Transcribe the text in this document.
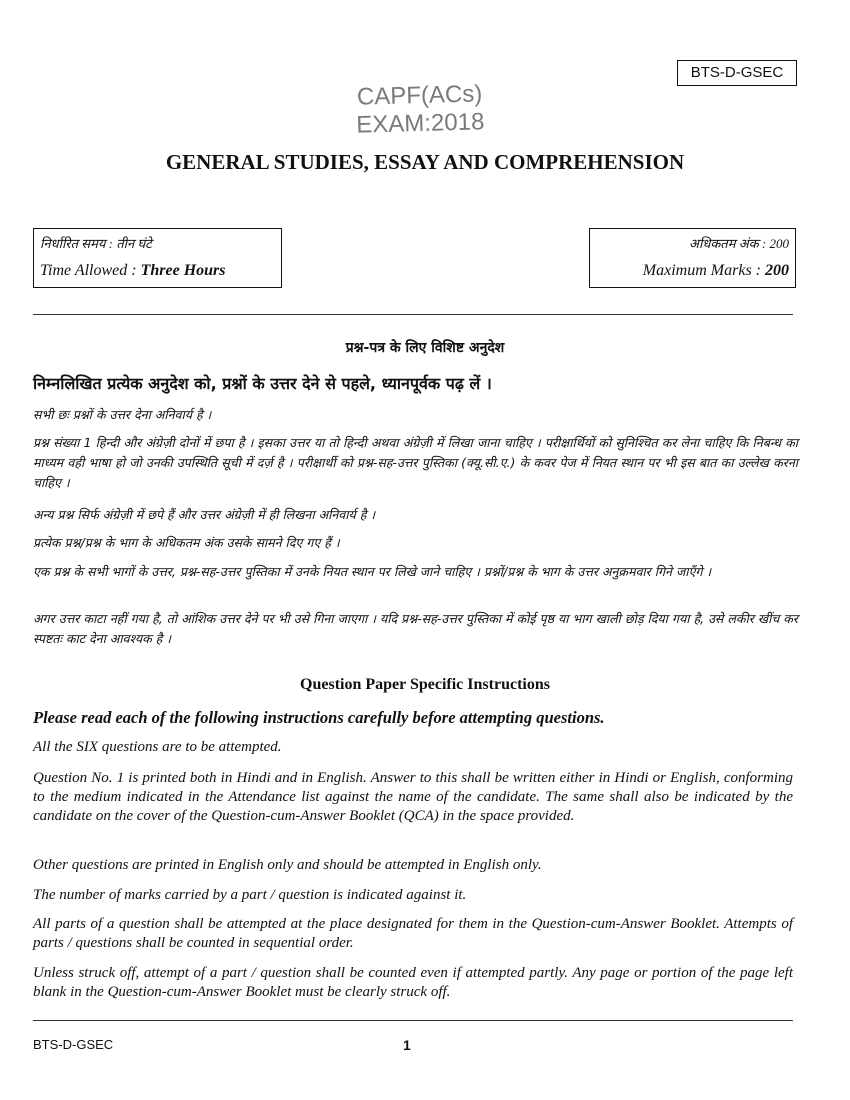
BTS-D-GSEC
CAPF(ACs) EXAM:2018
GENERAL STUDIES, ESSAY AND COMPREHENSION
निर्धारित समय : तीन घंटे
Time Allowed : Three Hours
अधिकतम अंक : 200
Maximum Marks : 200
प्रश्न-पत्र के लिए विशिष्ट अनुदेश
निम्नलिखित प्रत्येक अनुदेश को, प्रश्नों के उत्तर देने से पहले, ध्यानपूर्वक पढ़ लें ।
सभी छः प्रश्नों के उत्तर देना अनिवार्य है ।
प्रश्न संख्या 1 हिन्दी और अंग्रेज़ी दोनों में छपा है । इसका उत्तर या तो हिन्दी अथवा अंग्रेज़ी में लिखा जाना चाहिए । परीक्षार्थियों को सुनिश्चित कर लेना चाहिए कि निबन्ध का माध्यम वही भाषा हो जो उनकी उपस्थिति सूची में दर्ज़ है । परीक्षार्थी को प्रश्न-सह-उत्तर पुस्तिका (क्यू.सी.ए.) के कवर पेज में नियत स्थान पर भी इस बात का उल्लेख करना चाहिए ।
अन्य प्रश्न सिर्फ अंग्रेज़ी में छपे हैं और उत्तर अंग्रेज़ी में ही लिखना अनिवार्य है ।
प्रत्येक प्रश्न/प्रश्न के भाग के अधिकतम अंक उसके सामने दिए गए हैं ।
एक प्रश्न के सभी भागों के उत्तर, प्रश्न-सह-उत्तर पुस्तिका में उनके नियत स्थान पर लिखे जाने चाहिए । प्रश्नों/प्रश्न के भाग के उत्तर अनुक्रमवार गिने जाएँगे ।
अगर उत्तर काटा नहीं गया है, तो आंशिक उत्तर देने पर भी उसे गिना जाएगा । यदि प्रश्न-सह-उत्तर पुस्तिका में कोई पृष्ठ या भाग खाली छोड़ दिया गया है, उसे लकीर खींच कर स्पष्टतः काट देना आवश्यक है ।
Question Paper Specific Instructions
Please read each of the following instructions carefully before attempting questions.
All the SIX questions are to be attempted.
Question No. 1 is printed both in Hindi and in English. Answer to this shall be written either in Hindi or English, conforming to the medium indicated in the Attendance list against the name of the candidate. The same shall also be indicated by the candidate on the cover of the Question-cum-Answer Booklet (QCA) in the space provided.
Other questions are printed in English only and should be attempted in English only.
The number of marks carried by a part / question is indicated against it.
All parts of a question shall be attempted at the place designated for them in the Question-cum-Answer Booklet. Attempts of parts / questions shall be counted in sequential order.
Unless struck off, attempt of a part / question shall be counted even if attempted partly. Any page or portion of the page left blank in the Question-cum-Answer Booklet must be clearly struck off.
BTS-D-GSEC	1
